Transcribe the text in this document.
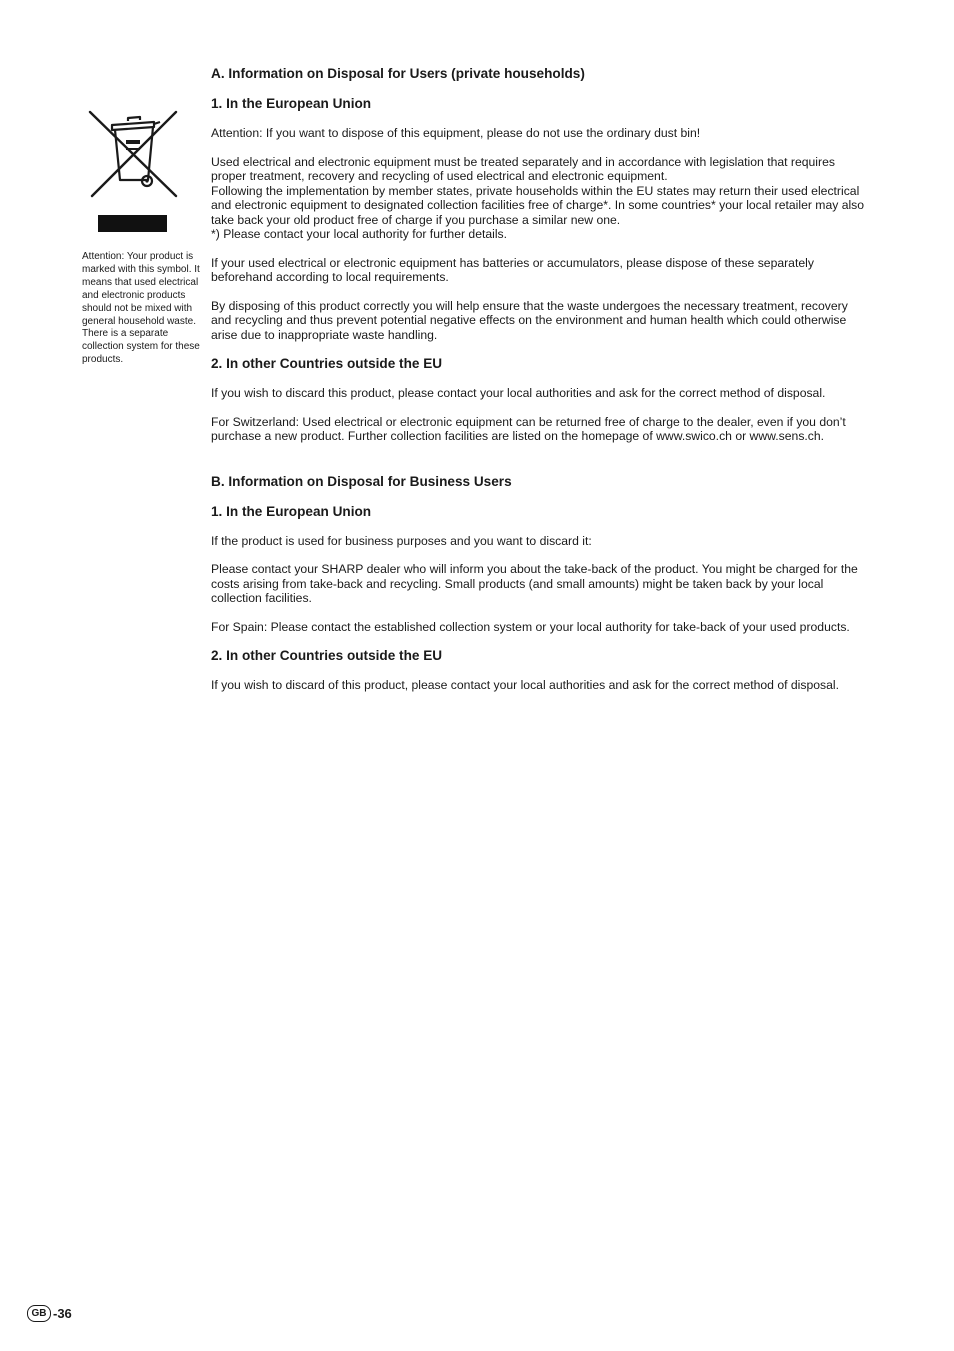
Attention: Your product is marked with this symbol. It means that used electrical and electronic products should not be mixed with general household waste. There is a separate collection system for these products.

A. Information on Disposal for Users (private households)
1. In the European Union

Attention: If you want to dispose of this equipment, please do not use the ordinary dust bin!

Used electrical and electronic equipment must be treated separately and in accordance with legislation that requires proper treatment, recovery and recycling of used electrical and electronic equipment.

Following the implementation by member states, private households within the EU states may return their used electrical and electronic equipment to designated collection facilities free of charge*. In some countries* your local retailer may also take back your old product free of charge if you purchase a similar new one.

*) Please contact your local authority for further details.

If your used electrical or electronic equipment has batteries or accumulators, please dispose of these separately beforehand according to local requirements.

By disposing of this product correctly you will help ensure that the waste undergoes the necessary treatment, recovery and recycling and thus prevent potential negative effects on the environment and human health which could otherwise arise due to inappropriate waste handling.

2. In other Countries outside the EU

If you wish to discard this product, please contact your local authorities and ask for the correct method of disposal.

For Switzerland: Used electrical or electronic equipment can be returned free of charge to the dealer, even if you don’t purchase a new product. Further collection facilities are listed on the homepage of www.swico.ch or www.sens.ch.

B. Information on Disposal for Business Users
1. In the European Union

If the product is used for business purposes and you want to discard it:

Please contact your SHARP dealer who will inform you about the take-back of the product. You might be charged for the costs arising from take-back and recycling. Small products (and small amounts) might be taken back by your local collection facilities.

For Spain: Please contact the established collection system or your local authority for take-back of your used products.

2. In other Countries outside the EU

If you wish to discard of this product, please contact your local authorities and ask for the correct method of disposal.

GB -36
